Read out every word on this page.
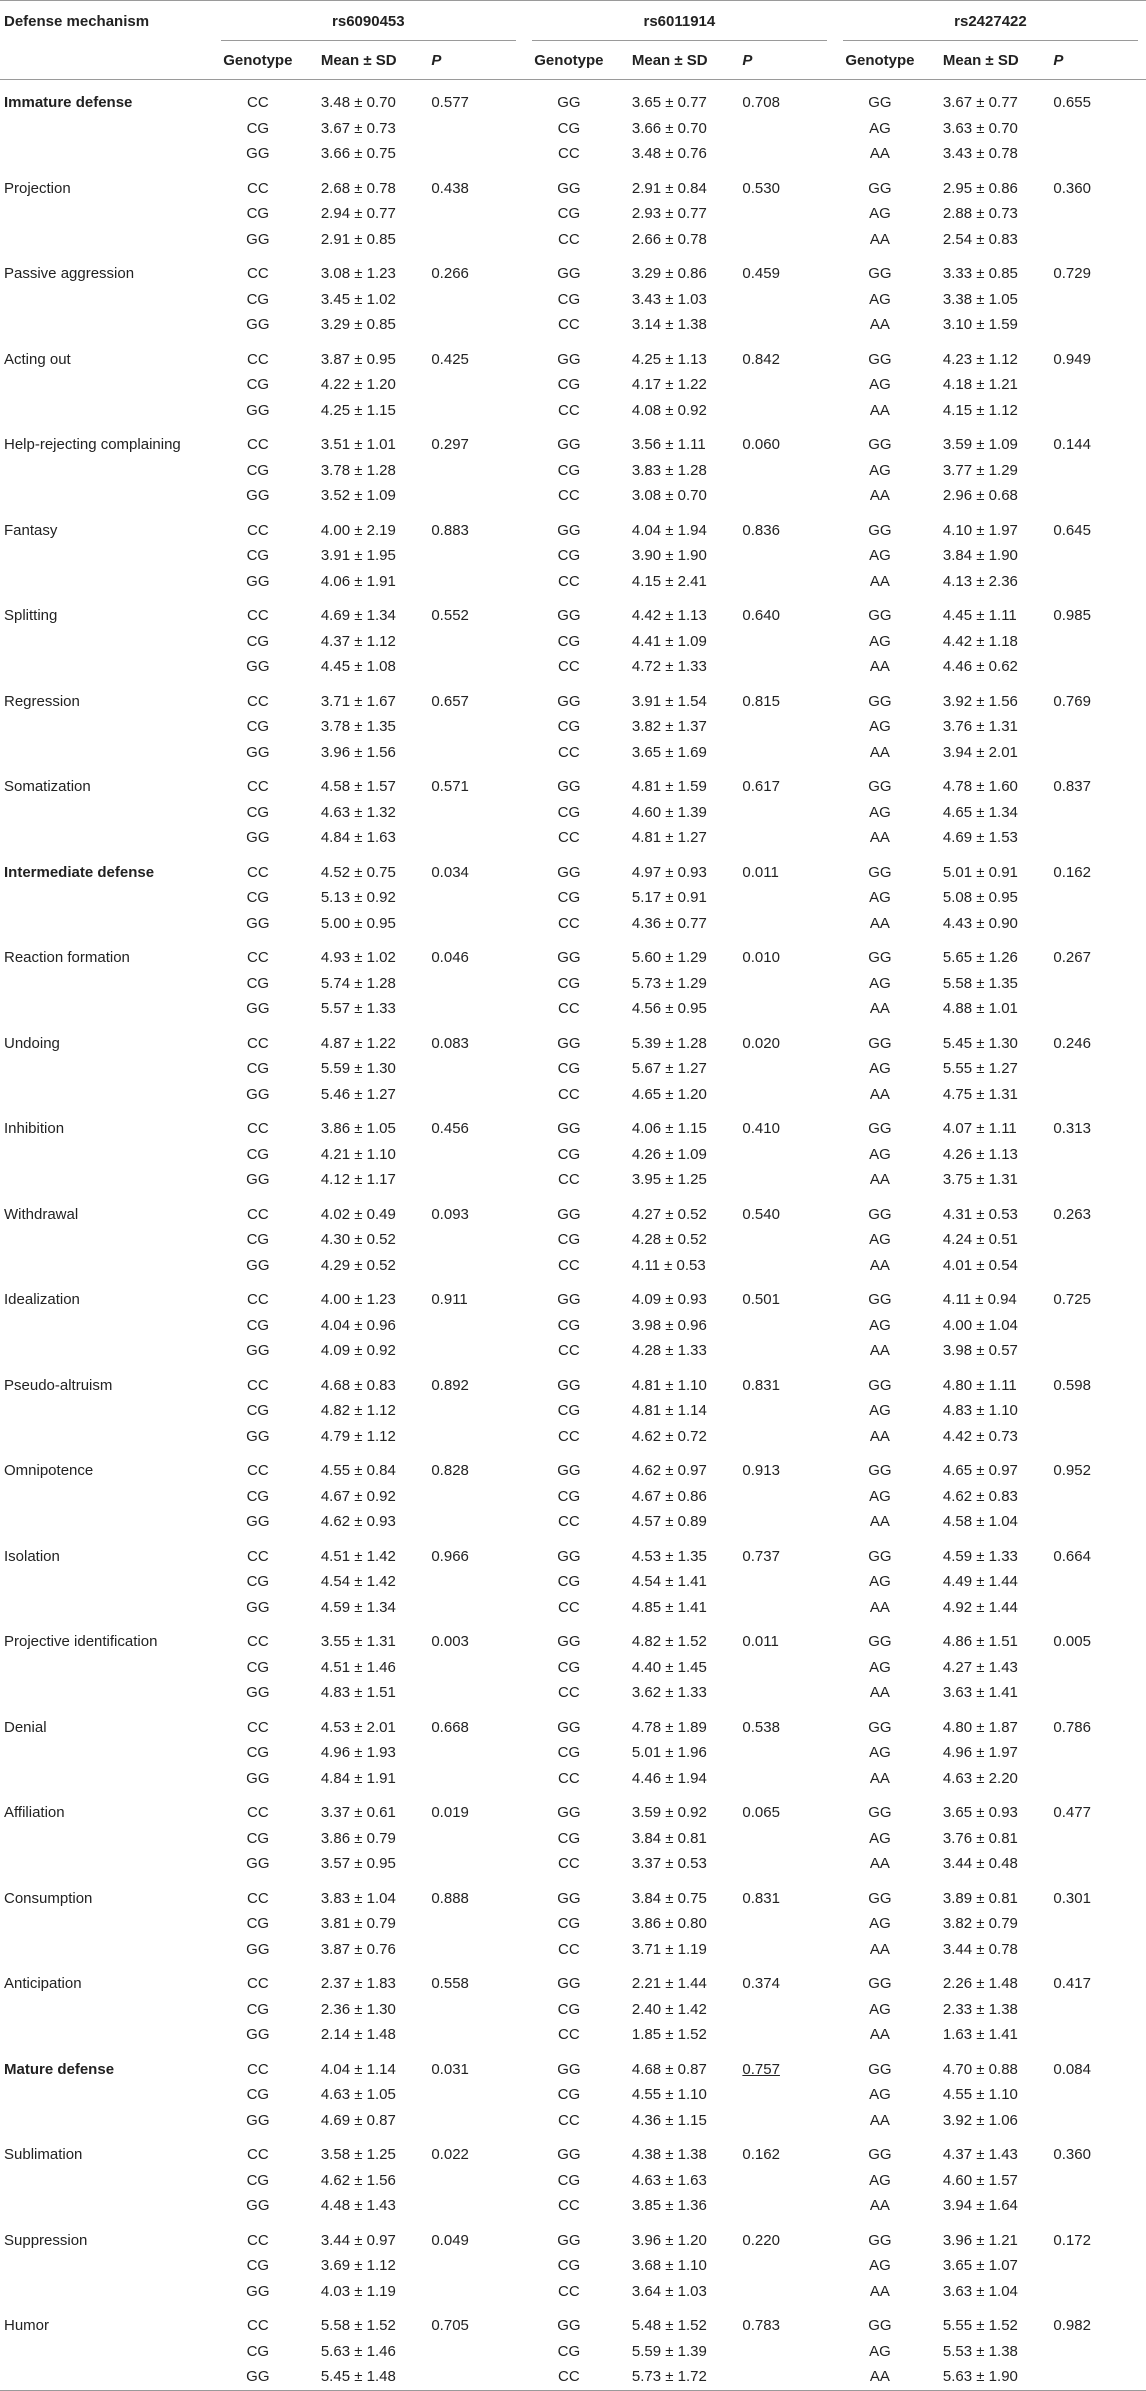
Defense mechanism	rs6090453			rs6011914			rs2427422		

	Genotype	Mean ± SD	P	Genotype	Mean ± SD	P	Genotype	Mean ± SD	P
Immature defense	CC	3.48 ± 0.70	0.577	GG	3.65 ± 0.77	0.708	GG	3.67 ± 0.77	0.655
	CG	3.67 ± 0.73		CG	3.66 ± 0.70		AG	3.63 ± 0.70	
	GG	3.66 ± 0.75		CC	3.48 ± 0.76		AA	3.43 ± 0.78	
Projection	CC	2.68 ± 0.78	0.438	GG	2.91 ± 0.84	0.530	GG	2.95 ± 0.86	0.360
	CG	2.94 ± 0.77		CG	2.93 ± 0.77		AG	2.88 ± 0.73	
	GG	2.91 ± 0.85		CC	2.66 ± 0.78		AA	2.54 ± 0.83	
Passive aggression	CC	3.08 ± 1.23	0.266	GG	3.29 ± 0.86	0.459	GG	3.33 ± 0.85	0.729
	CG	3.45 ± 1.02		CG	3.43 ± 1.03		AG	3.38 ± 1.05	
	GG	3.29 ± 0.85		CC	3.14 ± 1.38		AA	3.10 ± 1.59	
Acting out	CC	3.87 ± 0.95	0.425	GG	4.25 ± 1.13	0.842	GG	4.23 ± 1.12	0.949
	CG	4.22 ± 1.20		CG	4.17 ± 1.22		AG	4.18 ± 1.21	
	GG	4.25 ± 1.15		CC	4.08 ± 0.92		AA	4.15 ± 1.12	
Help-rejecting complaining	CC	3.51 ± 1.01	0.297	GG	3.56 ± 1.11	0.060	GG	3.59 ± 1.09	0.144
	CG	3.78 ± 1.28		CG	3.83 ± 1.28		AG	3.77 ± 1.29	
	GG	3.52 ± 1.09		CC	3.08 ± 0.70		AA	2.96 ± 0.68	
Fantasy	CC	4.00 ± 2.19	0.883	GG	4.04 ± 1.94	0.836	GG	4.10 ± 1.97	0.645
	CG	3.91 ± 1.95		CG	3.90 ± 1.90		AG	3.84 ± 1.90	
	GG	4.06 ± 1.91		CC	4.15 ± 2.41		AA	4.13 ± 2.36	
Splitting	CC	4.69 ± 1.34	0.552	GG	4.42 ± 1.13	0.640	GG	4.45 ± 1.11	0.985
	CG	4.37 ± 1.12		CG	4.41 ± 1.09		AG	4.42 ± 1.18	
	GG	4.45 ± 1.08		CC	4.72 ± 1.33		AA	4.46 ± 0.62	
Regression	CC	3.71 ± 1.67	0.657	GG	3.91 ± 1.54	0.815	GG	3.92 ± 1.56	0.769
	CG	3.78 ± 1.35		CG	3.82 ± 1.37		AG	3.76 ± 1.31	
	GG	3.96 ± 1.56		CC	3.65 ± 1.69		AA	3.94 ± 2.01	
Somatization	CC	4.58 ± 1.57	0.571	GG	4.81 ± 1.59	0.617	GG	4.78 ± 1.60	0.837
	CG	4.63 ± 1.32		CG	4.60 ± 1.39		AG	4.65 ± 1.34	
	GG	4.84 ± 1.63		CC	4.81 ± 1.27		AA	4.69 ± 1.53	
Intermediate defense	CC	4.52 ± 0.75	0.034	GG	4.97 ± 0.93	0.011	GG	5.01 ± 0.91	0.162
	CG	5.13 ± 0.92		CG	5.17 ± 0.91		AG	5.08 ± 0.95	
	GG	5.00 ± 0.95		CC	4.36 ± 0.77		AA	4.43 ± 0.90	
Reaction formation	CC	4.93 ± 1.02	0.046	GG	5.60 ± 1.29	0.010	GG	5.65 ± 1.26	0.267
	CG	5.74 ± 1.28		CG	5.73 ± 1.29		AG	5.58 ± 1.35	
	GG	5.57 ± 1.33		CC	4.56 ± 0.95		AA	4.88 ± 1.01	
Undoing	CC	4.87 ± 1.22	0.083	GG	5.39 ± 1.28	0.020	GG	5.45 ± 1.30	0.246
	CG	5.59 ± 1.30		CG	5.67 ± 1.27		AG	5.55 ± 1.27	
	GG	5.46 ± 1.27		CC	4.65 ± 1.20		AA	4.75 ± 1.31	
Inhibition	CC	3.86 ± 1.05	0.456	GG	4.06 ± 1.15	0.410	GG	4.07 ± 1.11	0.313
	CG	4.21 ± 1.10		CG	4.26 ± 1.09		AG	4.26 ± 1.13	
	GG	4.12 ± 1.17		CC	3.95 ± 1.25		AA	3.75 ± 1.31	
Withdrawal	CC	4.02 ± 0.49	0.093	GG	4.27 ± 0.52	0.540	GG	4.31 ± 0.53	0.263
	CG	4.30 ± 0.52		CG	4.28 ± 0.52		AG	4.24 ± 0.51	
	GG	4.29 ± 0.52		CC	4.11 ± 0.53		AA	4.01 ± 0.54	
Idealization	CC	4.00 ± 1.23	0.911	GG	4.09 ± 0.93	0.501	GG	4.11 ± 0.94	0.725
	CG	4.04 ± 0.96		CG	3.98 ± 0.96		AG	4.00 ± 1.04	
	GG	4.09 ± 0.92		CC	4.28 ± 1.33		AA	3.98 ± 0.57	
Pseudo-altruism	CC	4.68 ± 0.83	0.892	GG	4.81 ± 1.10	0.831	GG	4.80 ± 1.11	0.598
	CG	4.82 ± 1.12		CG	4.81 ± 1.14		AG	4.83 ± 1.10	
	GG	4.79 ± 1.12		CC	4.62 ± 0.72		AA	4.42 ± 0.73	
Omnipotence	CC	4.55 ± 0.84	0.828	GG	4.62 ± 0.97	0.913	GG	4.65 ± 0.97	0.952
	CG	4.67 ± 0.92		CG	4.67 ± 0.86		AG	4.62 ± 0.83	
	GG	4.62 ± 0.93		CC	4.57 ± 0.89		AA	4.58 ± 1.04	
Isolation	CC	4.51 ± 1.42	0.966	GG	4.53 ± 1.35	0.737	GG	4.59 ± 1.33	0.664
	CG	4.54 ± 1.42		CG	4.54 ± 1.41		AG	4.49 ± 1.44	
	GG	4.59 ± 1.34		CC	4.85 ± 1.41		AA	4.92 ± 1.44	
Projective identification	CC	3.55 ± 1.31	0.003	GG	4.82 ± 1.52	0.011	GG	4.86 ± 1.51	0.005
	CG	4.51 ± 1.46		CG	4.40 ± 1.45		AG	4.27 ± 1.43	
	GG	4.83 ± 1.51		CC	3.62 ± 1.33		AA	3.63 ± 1.41	
Denial	CC	4.53 ± 2.01	0.668	GG	4.78 ± 1.89	0.538	GG	4.80 ± 1.87	0.786
	CG	4.96 ± 1.93		CG	5.01 ± 1.96		AG	4.96 ± 1.97	
	GG	4.84 ± 1.91		CC	4.46 ± 1.94		AA	4.63 ± 2.20	
Affiliation	CC	3.37 ± 0.61	0.019	GG	3.59 ± 0.92	0.065	GG	3.65 ± 0.93	0.477
	CG	3.86 ± 0.79		CG	3.84 ± 0.81		AG	3.76 ± 0.81	
	GG	3.57 ± 0.95		CC	3.37 ± 0.53		AA	3.44 ± 0.48	
Consumption	CC	3.83 ± 1.04	0.888	GG	3.84 ± 0.75	0.831	GG	3.89 ± 0.81	0.301
	CG	3.81 ± 0.79		CG	3.86 ± 0.80		AG	3.82 ± 0.79	
	GG	3.87 ± 0.76		CC	3.71 ± 1.19		AA	3.44 ± 0.78	
Anticipation	CC	2.37 ± 1.83	0.558	GG	2.21 ± 1.44	0.374	GG	2.26 ± 1.48	0.417
	CG	2.36 ± 1.30		CG	2.40 ± 1.42		AG	2.33 ± 1.38	
	GG	2.14 ± 1.48		CC	1.85 ± 1.52		AA	1.63 ± 1.41	
Mature defense	CC	4.04 ± 1.14	0.031	GG	4.68 ± 0.87	0.757	GG	4.70 ± 0.88	0.084
	CG	4.63 ± 1.05		CG	4.55 ± 1.10		AG	4.55 ± 1.10	
	GG	4.69 ± 0.87		CC	4.36 ± 1.15		AA	3.92 ± 1.06	
Sublimation	CC	3.58 ± 1.25	0.022	GG	4.38 ± 1.38	0.162	GG	4.37 ± 1.43	0.360
	CG	4.62 ± 1.56		CG	4.63 ± 1.63		AG	4.60 ± 1.57	
	GG	4.48 ± 1.43		CC	3.85 ± 1.36		AA	3.94 ± 1.64	
Suppression	CC	3.44 ± 0.97	0.049	GG	3.96 ± 1.20	0.220	GG	3.96 ± 1.21	0.172
	CG	3.69 ± 1.12		CG	3.68 ± 1.10		AG	3.65 ± 1.07	
	GG	4.03 ± 1.19		CC	3.64 ± 1.03		AA	3.63 ± 1.04	
Humor	CC	5.58 ± 1.52	0.705	GG	5.48 ± 1.52	0.783	GG	5.55 ± 1.52	0.982
	CG	5.63 ± 1.46		CG	5.59 ± 1.39		AG	5.53 ± 1.38	
	GG	5.45 ± 1.48		CC	5.73 ± 1.72		AA	5.63 ± 1.90	
